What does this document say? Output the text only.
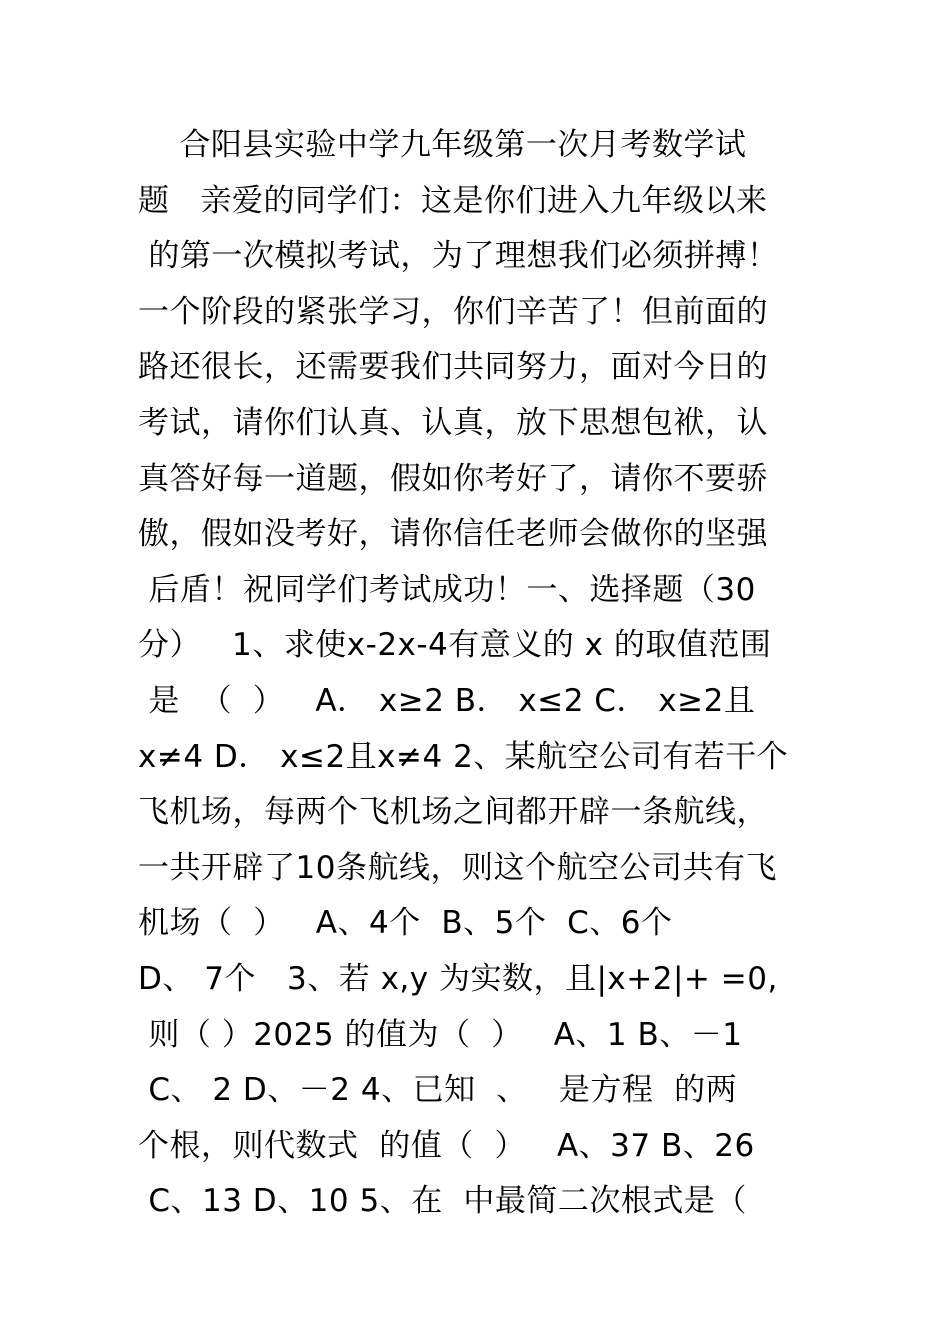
合阳县实验中学九年级第一次月考数学试
题   亲爱的同学们：这是你们进入九年级以来
的第一次模拟考试，为了理想我们必须拼搏！
一个阶段的紧张学习，你们辛苦了！但前面的
路还很长，还需要我们共同努力，面对今日的
考试，请你们认真、认真，放下思想包袱，认
真答好每一道题，假如你考好了，请你不要骄
傲，假如没考好，请你信任老师会做你的坚强
后盾！祝同学们考试成功！一、选择题（30
分）   1、求使x-2x-4有意义的 x 的取值范围
是  （  ）   A． x≥2 B． x≤2 C． x≥2且
x≠4 D． x≤2且x≠4 2、某航空公司有若干个
飞机场，每两个飞机场之间都开辟一条航线，
一共开辟了10条航线，则这个航空公司共有飞
机场（  ）   A、4个  B、5个  C、6个
D、 7个   3、若 x,y 为实数，且|x+2|+ =0,
则（ ）2025 的值为（  ）   A、1 B、－1
C、 2 D、－2 4、已知  、   是方程  的两
个根，则代数式  的值（  ）   A、37 B、26
C、13 D、10 5、在  中最简二次根式是（
